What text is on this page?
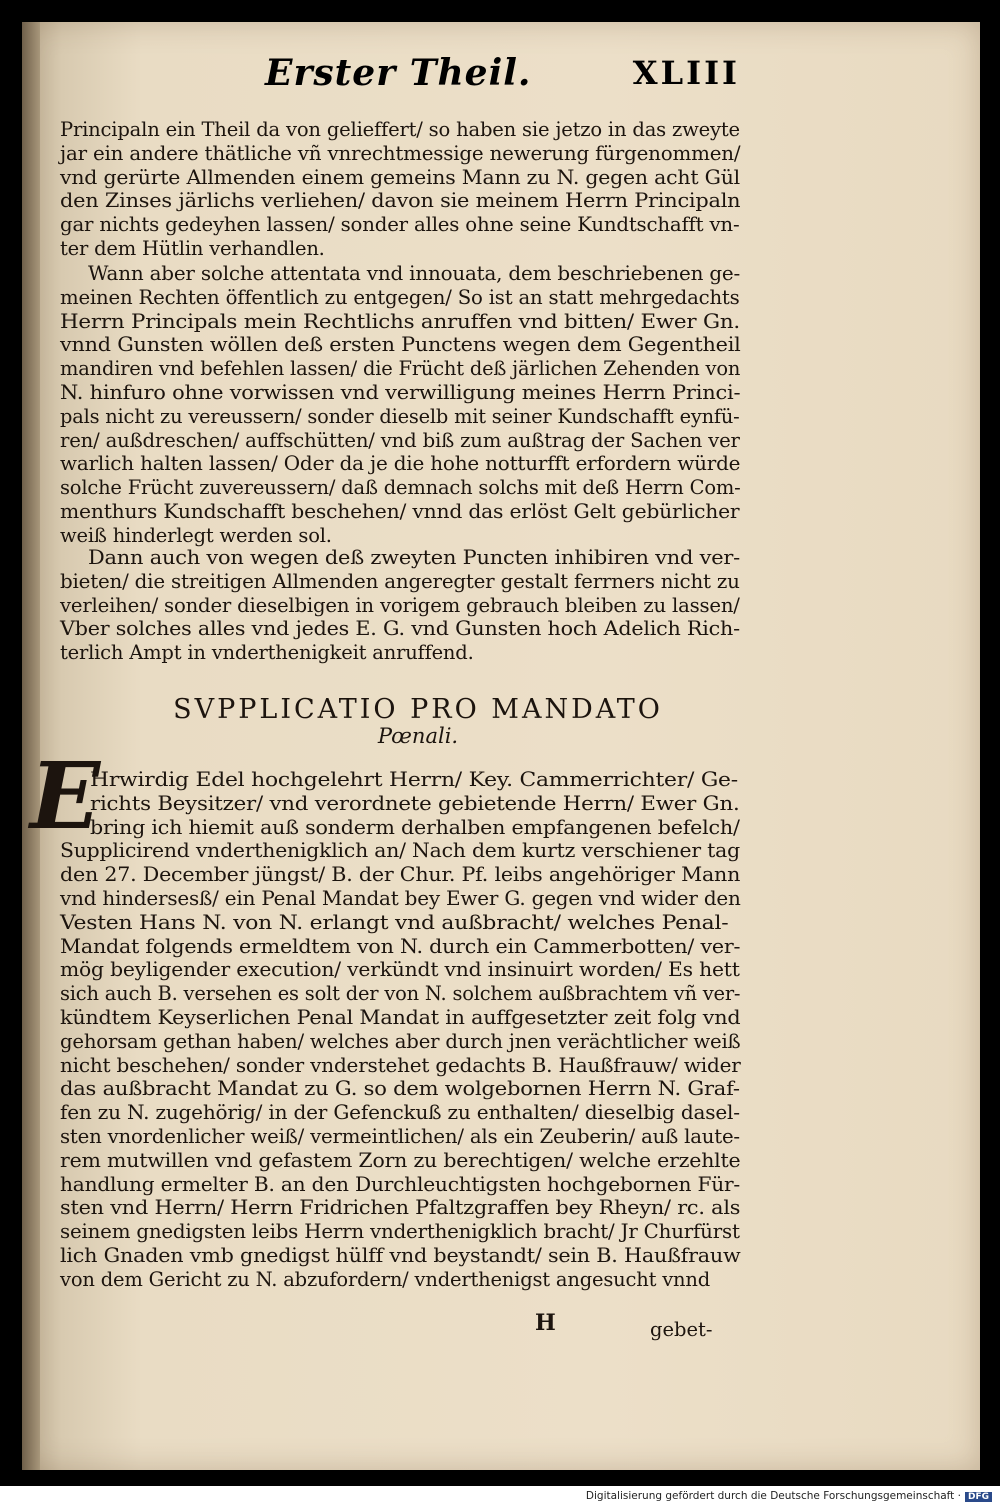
Erster Theil.	XLIII
Principaln ein Theil da von gelieffert/ so haben sie jetzo in das zweyte
jar ein andere thätliche vñ vnrechtmessige newerung fürgenommen/
vnd gerürte Allmenden einem gemeins Mann zu N. gegen acht Gül
den Zinses järlichs verliehen/ davon sie meinem Herrn Principaln
gar nichts gedeyhen lassen/ sonder alles ohne seine Kundtschafft vn-
ter dem Hütlin verhandlen.
Wann aber solche attentata vnd innouata, dem beschriebenen ge-
meinen Rechten öffentlich zu entgegen/ So ist an statt mehrgedachts
Herrn Principals mein Rechtlichs anruffen vnd bitten/ Ewer Gn.
vnnd Gunsten wöllen deß ersten Punctens wegen dem Gegentheil
mandiren vnd befehlen lassen/ die Frücht deß järlichen Zehenden von
N. hinfuro ohne vorwissen vnd verwilligung meines Herrn Princi-
pals nicht zu vereussern/ sonder dieselb mit seiner Kundschafft eynfü-
ren/ außdreschen/ auffschütten/ vnd biß zum außtrag der Sachen ver
warlich halten lassen/ Oder da je die hohe notturfft erfordern würde
solche Frücht zuvereussern/ daß demnach solchs mit deß Herrn Com-
menthurs Kundschafft beschehen/ vnnd das erlöst Gelt gebürlicher
weiß hinderlegt werden sol.
Dann auch von wegen deß zweyten Puncten inhibiren vnd ver-
bieten/ die streitigen Allmenden angeregter gestalt ferrners nicht zu
verleihen/ sonder dieselbigen in vorigem gebrauch bleiben zu lassen/
Vber solches alles vnd jedes E. G. vnd Gunsten hoch Adelich Rich-
terlich Ampt in vnderthenigkeit anruffend.
SVPPLICATIO PRO MANDATO
Pœnali.
E
Hrwirdig Edel hochgelehrt Herrn/ Key. Cammerrichter/ Ge-
richts Beysitzer/ vnd verordnete gebietende Herrn/ Ewer Gn.
bring ich hiemit auß sonderm derhalben empfangenen befelch/
Supplicirend vnderthenigklich an/ Nach dem kurtz verschiener tag
den 27. December jüngst/ B. der Chur. Pf. leibs angehöriger Mann
vnd hindersesß/ ein Penal Mandat bey Ewer G. gegen vnd wider den
Vesten Hans N. von N. erlangt vnd außbracht/ welches Penal-
Mandat folgends ermeldtem von N. durch ein Cammerbotten/ ver-
mög beyligender execution/ verkündt vnd insinuirt worden/ Es hett
sich auch B. versehen es solt der von N. solchem außbrachtem vñ ver-
kündtem Keyserlichen Penal Mandat in auffgesetzter zeit folg vnd
gehorsam gethan haben/ welches aber durch jnen verächtlicher weiß
nicht beschehen/ sonder vnderstehet gedachts B. Haußfrauw/ wider
das außbracht Mandat zu G. so dem wolgebornen Herrn N. Graf-
fen zu N. zugehörig/ in der Gefenckuß zu enthalten/ dieselbig dasel-
sten vnordenlicher weiß/ vermeintlichen/ als ein Zeuberin/ auß laute-
rem mutwillen vnd gefastem Zorn zu berechtigen/ welche erzehlte
handlung ermelter B. an den Durchleuchtigsten hochgebornen Für-
sten vnd Herrn/ Herrn Fridrichen Pfaltzgraffen bey Rheyn/ rc. als
seinem gnedigsten leibs Herrn vnderthenigklich bracht/ Jr Churfürst
lich Gnaden vmb gnedigst hülff vnd beystandt/ sein B. Haußfrauw
von dem Gericht zu N. abzufordern/ vnderthenigst angesucht vnnd
H	gebet-
Digitalisierung gefördert durch die Deutsche Forschungsgemeinschaft · DFG
